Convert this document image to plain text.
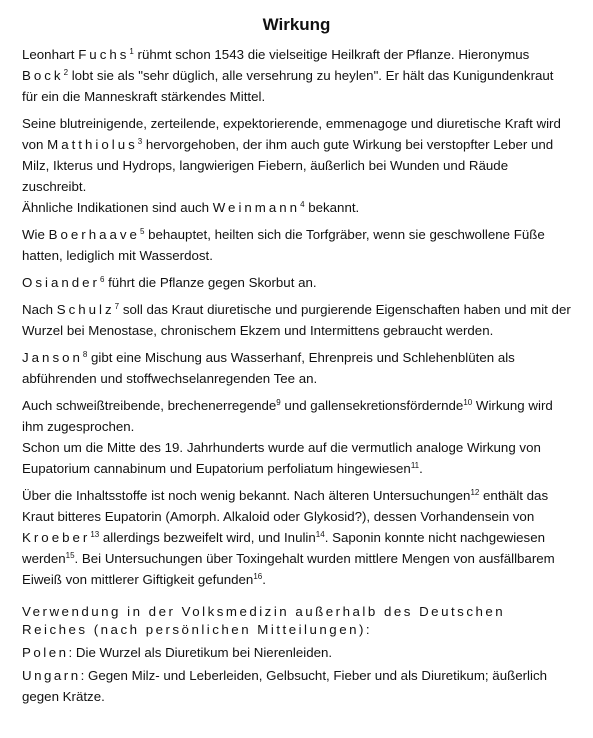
Wirkung

Leonhart Fuchs$^1$ rühmt schon 1543 die vielseitige Heilkraft der Pflanze. Hieronymus Bock$^2$ lobt sie als "sehr düglich, alle versehrung zu heylen". Er hält das Kunigundenkraut für ein die Manneskraft stärkendes Mittel.

Seine blutreinigende, zerteilende, expektorierende, emmenagoge und diuretische Kraft wird von Matthiolus$^3$ hervorgehoben, der ihm auch gute Wirkung bei verstopfter Leber und Milz, Ikterus und Hydrops, langwierigen Fiebern, äußerlich bei Wunden und Räude zuschreibt.

Ähnliche Indikationen sind auch Weinmann$^4$ bekannt.

Wie Boerhaave$^5$ behauptet, heilten sich die Torfgräber, wenn sie geschwollene Füße hatten, lediglich mit Wasserdost.

Osiander$^6$ führt die Pflanze gegen Skorbut an.

Nach Schulz$^7$ soll das Kraut diuretische und purgierende Eigenschaften haben und mit der Wurzel bei Menostase, chronischem Ekzem und Intermittens gebraucht werden.

Janson$^8$ gibt eine Mischung aus Wasserhanf, Ehrenpreis und Schlehenblüten als abführenden und stoffwechselanregenden Tee an.

Auch schweißtreibende, brechenerregende$^9$ und gallensekretionsfördernde$^{10}$ Wirkung wird ihm zugesprochen.

Schon um die Mitte des 19. Jahrhunderts wurde auf die vermutlich analoge Wirkung von Eupatorium cannabinum und Eupatorium perfoliatum hingewiesen$^{11}$.

Über die Inhaltsstoffe ist noch wenig bekannt. Nach älteren Untersuchungen$^{12}$ enthält das Kraut bitteres Eupatorin (Amorph. Alkaloid oder Glykosid?), dessen Vorhandensein von Kroeber$^{13}$ allerdings bezweifelt wird, und Inulin$^{14}$. Saponin konnte nicht nachgewiesen werden$^{15}$. Bei Untersuchungen über Toxingehalt wurden mittlere Mengen von ausfällbarem Eiweiß von mittlerer Giftigkeit gefunden$^{16}$.

Verwendung in der Volksmedizin außerhalb des Deutschen Reiches (nach persönlichen Mitteilungen):

Polen: Die Wurzel als Diuretikum bei Nierenleiden.

Ungarn: Gegen Milz- und Leberleiden, Gelbsucht, Fieber und als Diuretikum; äußerlich gegen Krätze.
